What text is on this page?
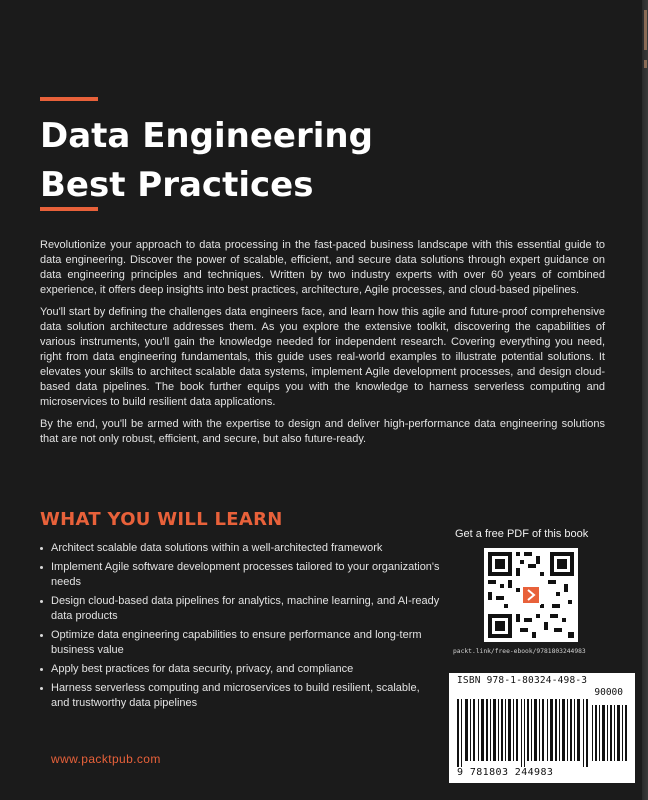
Data Engineering
Best Practices

Revolutionize your approach to data processing in the fast-paced business landscape with this essential guide to data engineering. Discover the power of scalable, efficient, and secure data solutions through expert guidance on data engineering principles and techniques. Written by two industry experts with over 60 years of combined experience, it offers deep insights into best practices, architecture, Agile processes, and cloud-based pipelines.

You'll start by defining the challenges data engineers face, and learn how this agile and future-proof comprehensive data solution architecture addresses them. As you explore the extensive toolkit, discovering the capabilities of various instruments, you'll gain the knowledge needed for independent research. Covering everything you need, right from data engineering fundamentals, this guide uses real-world examples to illustrate potential solutions. It elevates your skills to architect scalable data systems, implement Agile development processes, and design cloud-based data pipelines. The book further equips you with the knowledge to harness serverless computing and microservices to build resilient data applications.

By the end, you'll be armed with the expertise to design and deliver high-performance data engineering solutions that are not only robust, efficient, and secure, but also future-ready.

WHAT YOU WILL LEARN
Architect scalable data solutions within a well-architected framework
Implement Agile software development processes tailored to your organization's needs
Design cloud-based data pipelines for analytics, machine learning, and AI-ready data products
Optimize data engineering capabilities to ensure performance and long-term business value
Apply best practices for data security, privacy, and compliance
Harness serverless computing and microservices to build resilient, scalable, and trustworthy data pipelines
Get a free PDF of this book
packt.link/free-ebook/9781803244983
ISBN 978-1-80324-498-3
90000
9 781803 244983
www.packtpub.com
